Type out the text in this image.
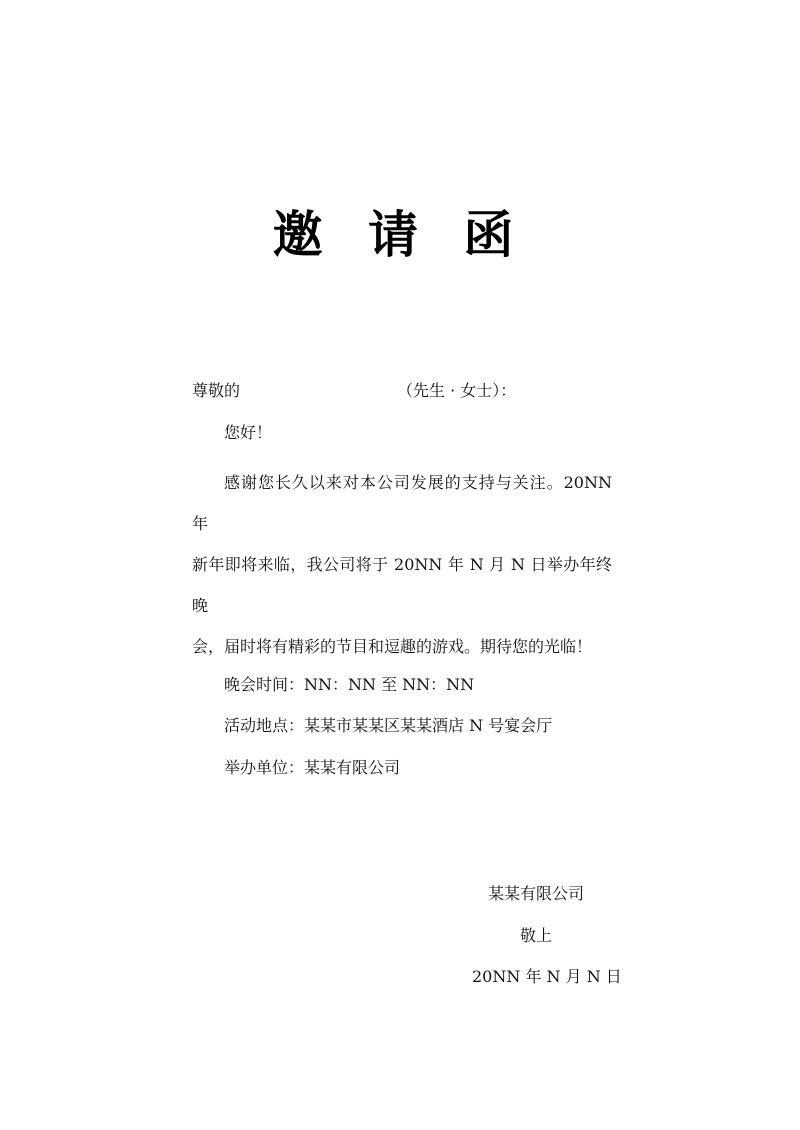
邀 请 函
尊敬的	（先生 · 女士）：
您好！
感谢您长久以来对本公司发展的支持与关注。20NN 年
新年即将来临，我公司将于 20NN 年 N 月 N 日举办年终晚
会，届时将有精彩的节目和逗趣的游戏。期待您的光临！
晚会时间：NN：NN 至 NN：NN
活动地点：某某市某某区某某酒店 N 号宴会厅
举办单位：某某有限公司
某某有限公司
敬上
20NN 年 N 月 N 日
